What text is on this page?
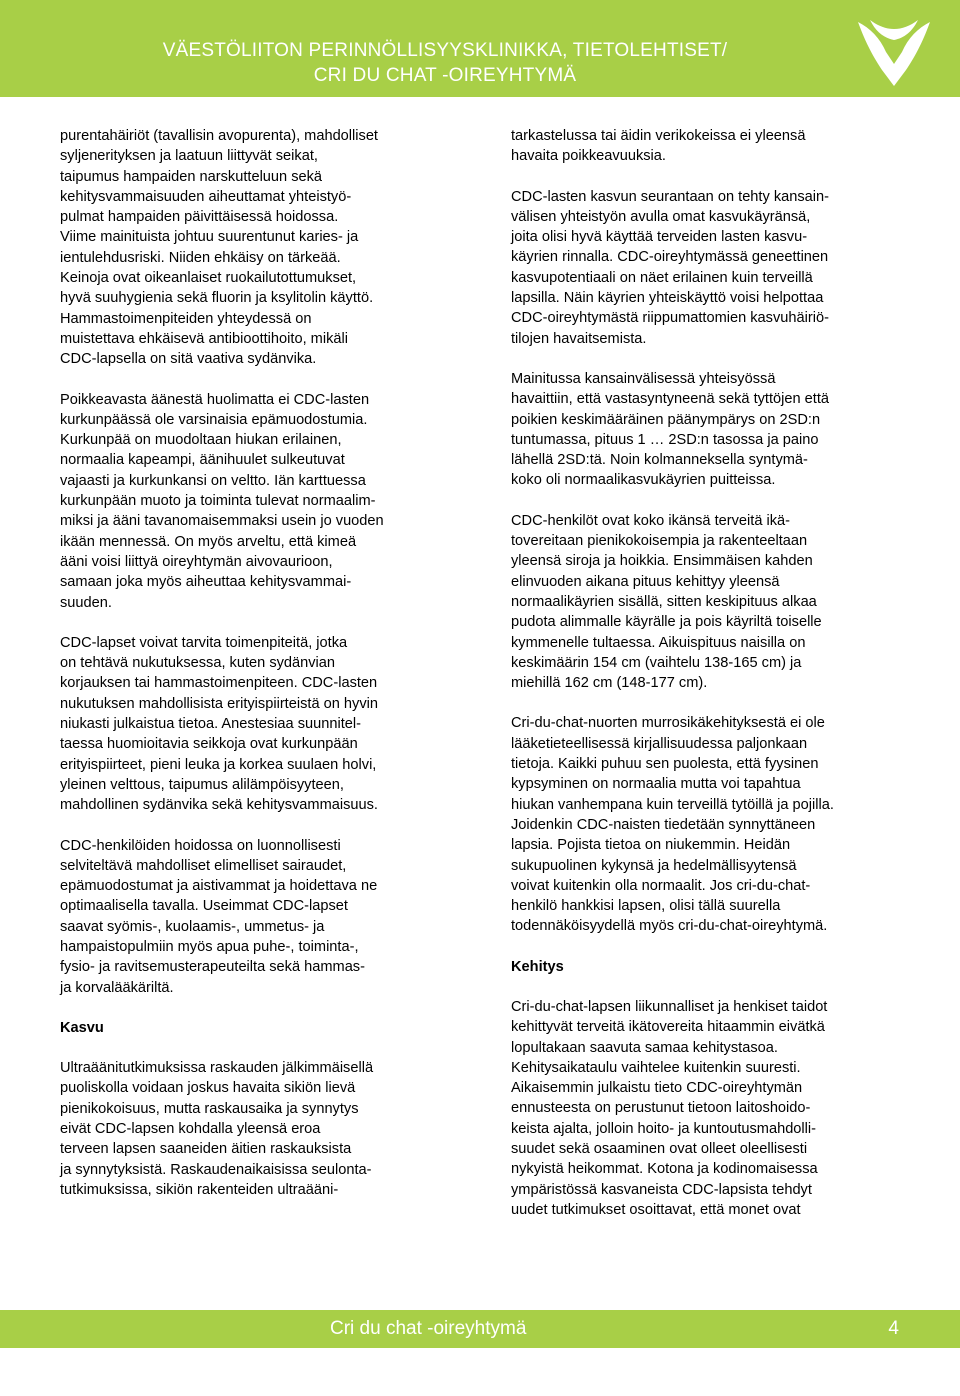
VÄESTÖLIITON PERINNÖLLISYYSKLINIKKA, TIETOLEHTISET/
CRI DU CHAT -OIREYHTYMÄ

purentahäiriöt (tavallisin avopurenta), mahdolliset
syljenerityksen ja laatuun liittyvät seikat,
taipumus hampaiden narskutteluun sekä
kehitysvammaisuuden aiheuttamat yhteistyö-
pulmat hampaiden päivittäisessä hoidossa.
Viime mainituista johtuu suurentunut karies- ja
ientulehdusriski. Niiden ehkäisy on tärkeää.
Keinoja ovat oikeanlaiset ruokailutottumukset,
hyvä suuhygienia sekä fluorin ja ksylitolin käyttö.
Hammastoimenpiteiden yhteydessä on
muistettava ehkäisevä antibioottihoito, mikäli
CDC-lapsella on sitä vaativa sydänvika.

Poikkeavasta äänestä huolimatta ei CDC-lasten
kurkunpäässä ole varsinaisia epämuodostumia.
Kurkunpää on muodoltaan hiukan erilainen,
normaalia kapeampi, äänihuulet sulkeutuvat
vajaasti ja kurkunkansi on veltto. Iän karttuessa
kurkunpään muoto ja toiminta tulevat normaalim-
miksi ja ääni tavanomaisemmaksi usein jo vuoden
ikään mennessä. On myös arveltu, että kimeä
ääni voisi liittyä oireyhtymän aivovaurioon,
samaan joka myös aiheuttaa kehitysvammai-
suuden.

CDC-lapset voivat tarvita toimenpiteitä, jotka
on tehtävä nukutuksessa, kuten sydänvian
korjauksen tai hammastoimenpiteen. CDC-lasten
nukutuksen mahdollisista erityispiirteistä on hyvin
niukasti julkaistua tietoa. Anestesiaa suunnitel-
taessa huomioitavia seikkoja ovat kurkunpään
erityispiirteet, pieni leuka ja korkea suulaen holvi,
yleinen velttous, taipumus alilämpöisyyteen,
mahdollinen sydänvika sekä kehitysvammaisuus.

CDC-henkilöiden hoidossa on luonnollisesti
selviteltävä mahdolliset elimelliset sairaudet,
epämuodostumat ja aistivammat ja hoidettava ne
optimaalisella tavalla. Useimmat CDC-lapset
saavat syömis-, kuolaamis-, ummetus- ja
hampaistopulmiin myös apua puhe-, toiminta-,
fysio- ja ravitsemusterapeuteilta sekä hammas-
ja korvalääkäriltä.

Kasvu

Ultraäänitutkimuksissa raskauden jälkimmäisellä
puoliskolla voidaan joskus havaita sikiön lievä
pienikokoisuus, mutta raskausaika ja synnytys
eivät CDC-lapsen kohdalla yleensä eroa
terveen lapsen saaneiden äitien raskauksista
ja synnytyksistä. Raskaudenaikaisissa seulonta-
tutkimuksissa, sikiön rakenteiden ultraääni-

tarkastelussa tai äidin verikokeissa ei yleensä
havaita poikkeavuuksia.

CDC-lasten kasvun seurantaan on tehty kansain-
välisen yhteistyön avulla omat kasvukäyränsä,
joita olisi hyvä käyttää terveiden lasten kasvu-
käyrien rinnalla. CDC-oireyhtymässä geneettinen
kasvupotentiaali on näet erilainen kuin terveillä
lapsilla. Näin käyrien yhteiskäyttö voisi helpottaa
CDC-oireyhtymästä riippumattomien kasvuhäiriö-
tilojen havaitsemista.

Mainitussa kansainvälisessä yhteisyössä
havaittiin, että vastasyntyneenä sekä tyttöjen että
poikien keskimääräinen päänympärys on 2SD:n
tuntumassa, pituus 1 … 2SD:n tasossa ja paino
lähellä 2SD:tä. Noin kolmanneksella syntymä-
koko oli normaalikasvukäyrien puitteissa.

CDC-henkilöt ovat koko ikänsä terveitä ikä-
tovereitaan pienikokoisempia ja rakenteeltaan
yleensä siroja ja hoikkia. Ensimmäisen kahden
elinvuoden aikana pituus kehittyy yleensä
normaalikäyrien sisällä, sitten keskipituus alkaa
pudota alimmalle käyrälle ja pois käyriltä toiselle
kymmenelle tultaessa. Aikuispituus naisilla on
keskimäärin 154 cm (vaihtelu 138-165 cm) ja
miehillä 162 cm (148-177 cm).

Cri-du-chat-nuorten murrosikäkehityksestä ei ole
lääketieteellisessä kirjallisuudessa paljonkaan
tietoja. Kaikki puhuu sen puolesta, että fyysinen
kypsyminen on normaalia mutta voi tapahtua
hiukan vanhempana kuin terveillä tytöillä ja pojilla.
Joidenkin CDC-naisten tiedetään synnyttäneen
lapsia. Pojista tietoa on niukemmin. Heidän
sukupuolinen kykynsä ja hedelmällisyytensä
voivat kuitenkin olla normaalit. Jos cri-du-chat-
henkilö hankkisi lapsen, olisi tällä suurella
todennäköisyydellä myös cri-du-chat-oireyhtymä.

Kehitys

Cri-du-chat-lapsen liikunnalliset ja henkiset taidot
kehittyvät terveitä ikätovereita hitaammin eivätkä
lopultakaan saavuta samaa kehitystasoa.
Kehitysaikataulu vaihtelee kuitenkin suuresti.
Aikaisemmin julkaistu tieto CDC-oireyhtymän
ennusteesta on perustunut tietoon laitoshoido-
keista ajalta, jolloin hoito- ja kuntoutusmahdolli-
suudet sekä osaaminen ovat olleet oleellisesti
nykyistä heikommat. Kotona ja kodinomaisessa
ympäristössä kasvaneista CDC-lapsista tehdyt
uudet tutkimukset osoittavat, että monet ovat

Cri du chat -oireyhtymä	4
